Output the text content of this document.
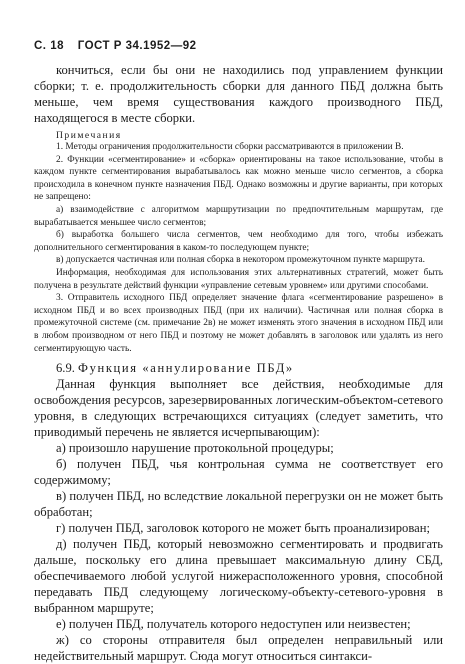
С. 18 ГОСТ Р 34.1952—92

кончиться, если бы они не находились под управлением функции сборки; т. е. продолжительность сборки для данного ПБД должна быть меньше, чем время существования каждого производного ПБД, находящегося в месте сборки.

Примечания

1. Методы ограничения продолжительности сборки рассматриваются в приложении В.

2. Функции «сегментирование» и «сборка» ориентированы на такое использование, чтобы в каждом пункте сегментирования вырабатывалось как можно меньше число сегментов, а сборка происходила в конечном пункте назначения ПБД. Однако возможны и другие варианты, при которых не запрещено:

а) взаимодействие с алгоритмом маршрутизации по предпочтительным маршрутам, где вырабатывается меньшее число сегментов;

б) выработка большего числа сегментов, чем необходимо для того, чтобы избежать дополнительного сегментирования в каком-то последующем пункте;

в) допускается частичная или полная сборка в некотором промежуточном пункте маршрута.

Информация, необходимая для использования этих альтернативных стратегий, может быть получена в результате действий функции «управление сетевым уровнем» или другими способами.

3. Отправитель исходного ПБД определяет значение флага «сегментирование разрешено» в исходном ПБД и во всех производных ПБД (при их наличии). Частичная или полная сборка в промежуточной системе (см. примечание 2в) не может изменять этого значения в исходном ПБД или в любом производном от него ПБД и поэтому не может добавлять в заголовок или удалять из него сегментирующую часть.

6.9. Функция «аннулирование ПБД»

Данная функция выполняет все действия, необходимые для освобождения ресурсов, зарезервированных логическим-объектом-сетевого уровня, в следующих встречающихся ситуациях (следует заметить, что приводимый перечень не является исчерпывающим):

а) произошло нарушение протокольной процедуры;

б) получен ПБД, чья контрольная сумма не соответствует его содержимому;

в) получен ПБД, но вследствие локальной перегрузки он не может быть обработан;

г) получен ПБД, заголовок которого не может быть проанализирован;

д) получен ПБД, который невозможно сегментировать и продвигать дальше, поскольку его длина превышает максимальную длину СБД, обеспечиваемого любой услугой нижерасположенного уровня, способной передавать ПБД следующему логическому-объекту-сетевого-уровня в выбранном маршруте;

е) получен ПБД, получатель которого недоступен или неизвестен;

ж) со стороны отправителя был определен неправильный или недействительный маршрут. Сюда могут относиться синтакси-
